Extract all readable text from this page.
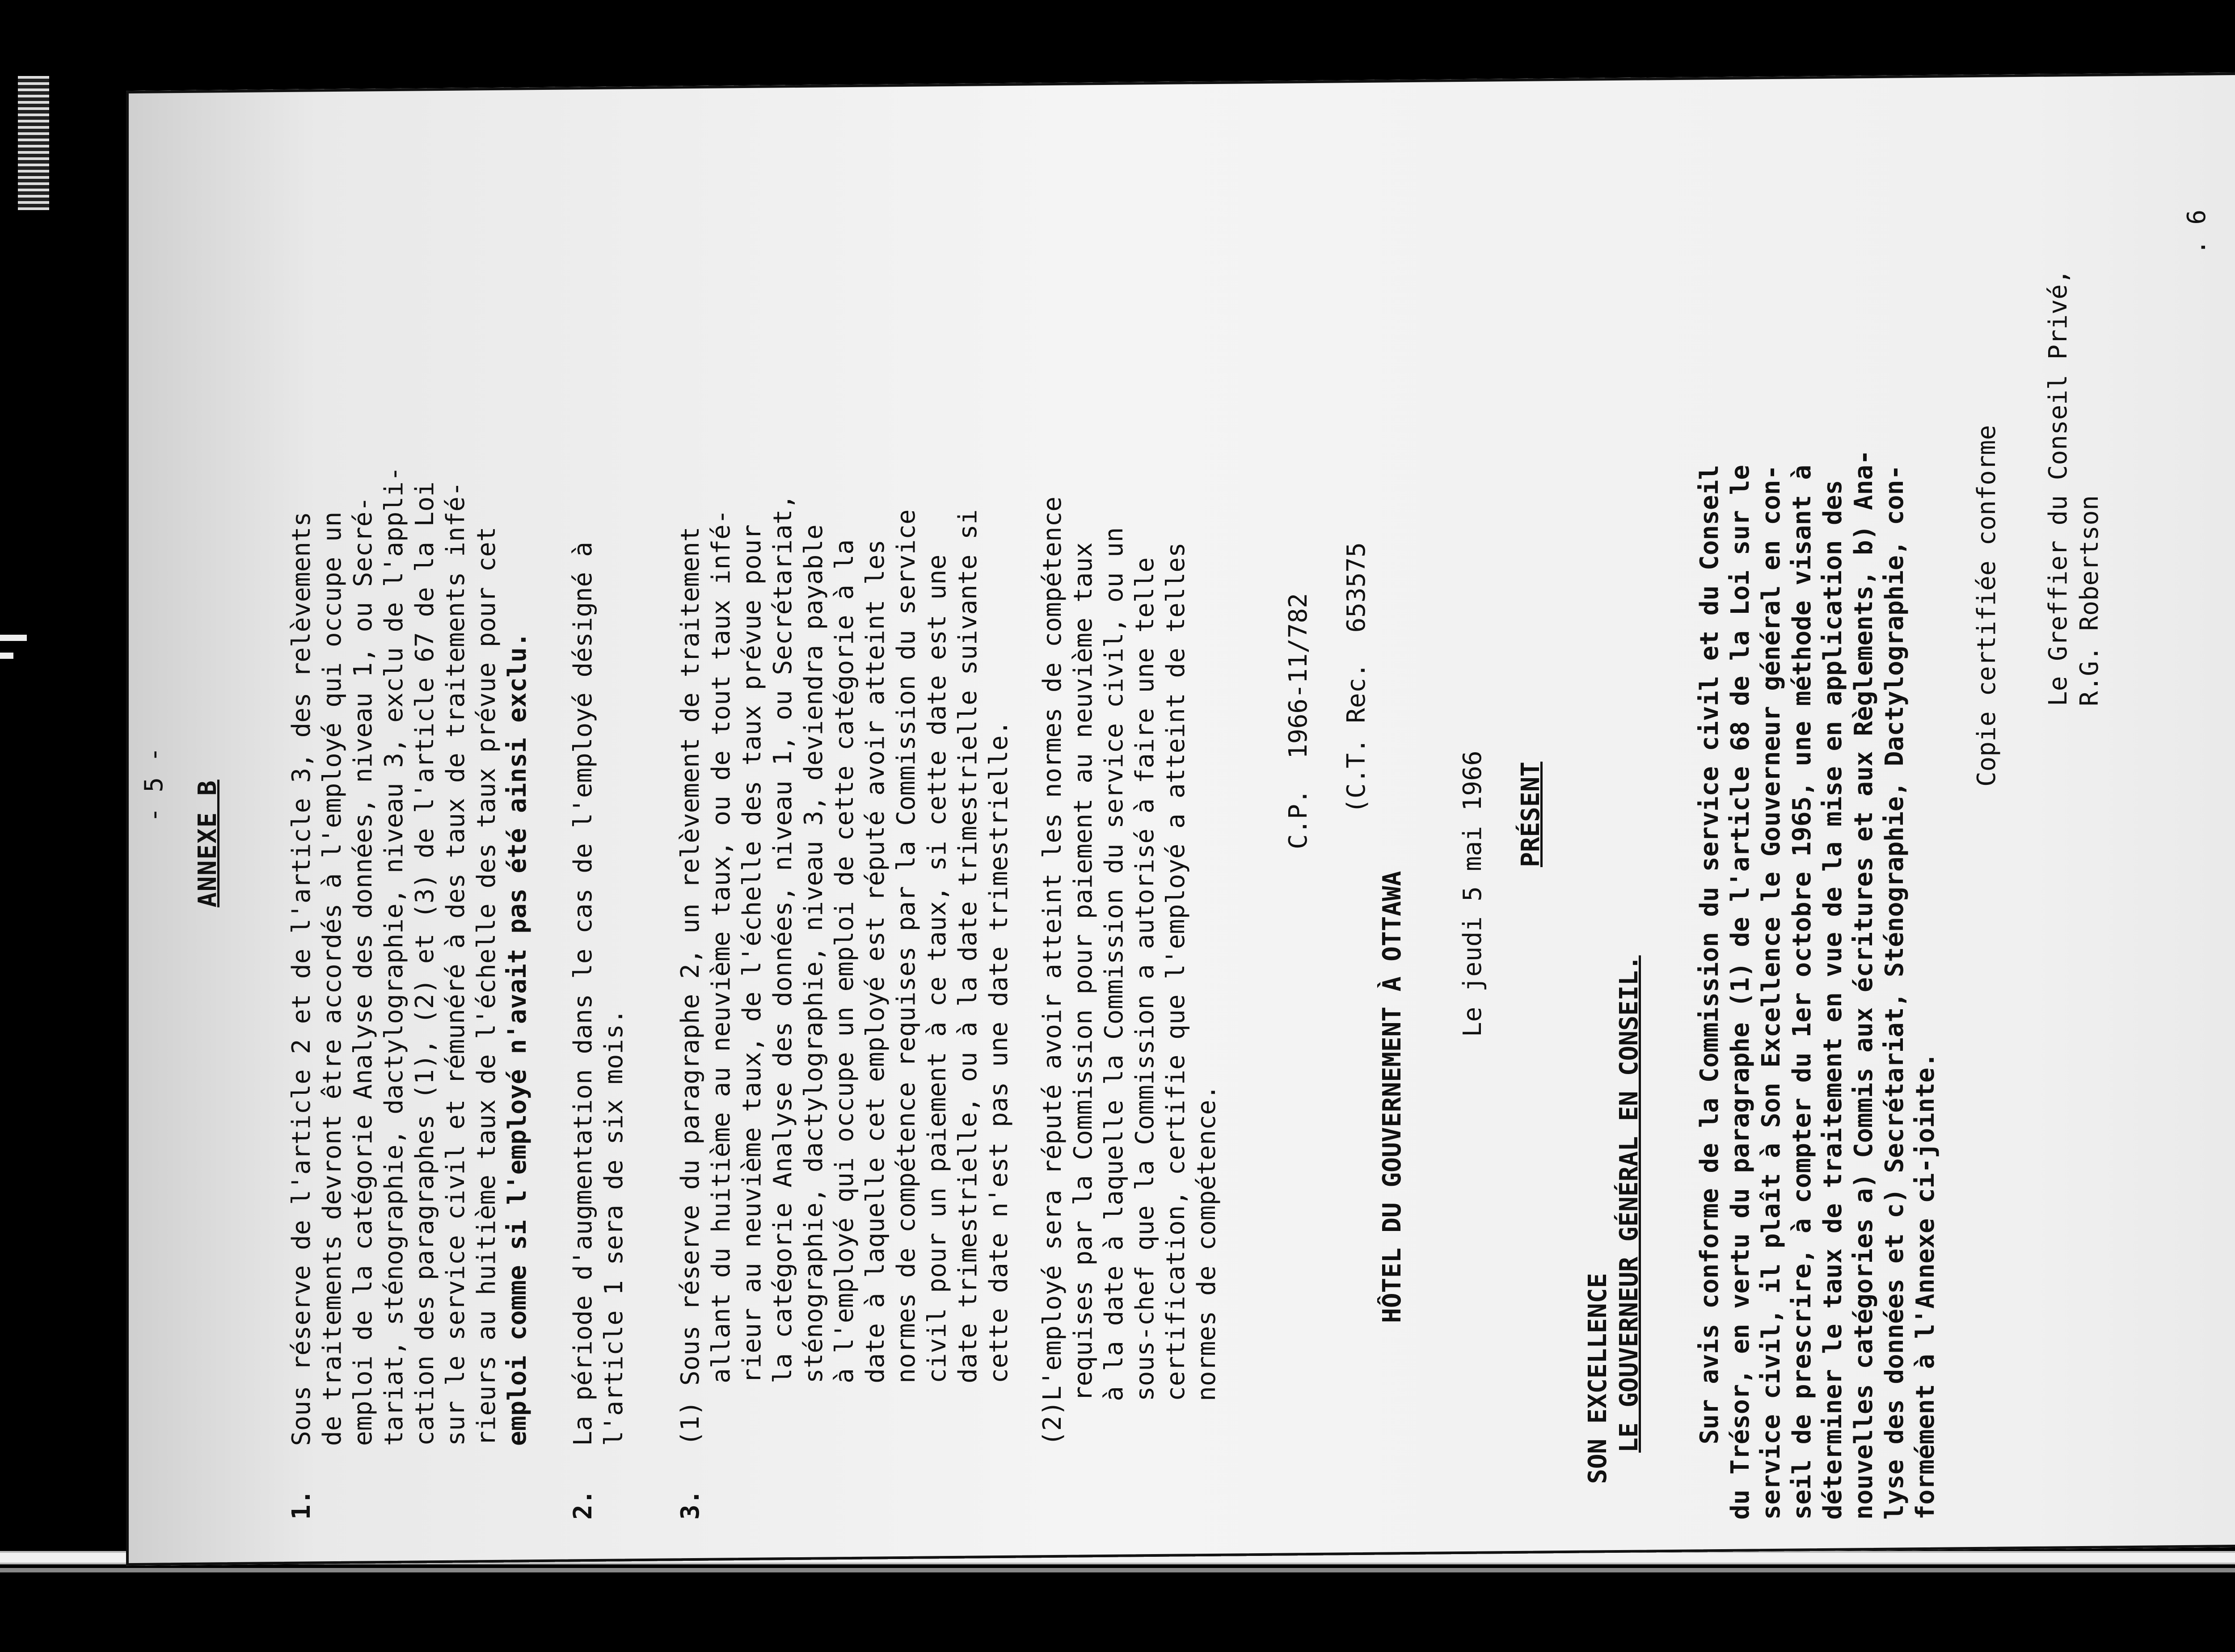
- 5 - ANNEXE B
1.
Sous réserve de l'article 2 et de l'article 3, des relèvements de traitements devront être accordés à l'employé qui occupe un emploi de la catégorie Analyse des données, niveau 1, ou Secré- tariat, sténographie, dactylographie, niveau 3, exclu de l'appli- cation des paragraphes (1), (2) et (3) de l'article 67 de la Loi sur le service civil et rémunéré à des taux de traitements infé- rieurs au huitième taux de l'échelle des taux prévue pour cet emploi comme si l'employé n'avait pas été ainsi exclu.
2.
La période d'augmentation dans le cas de l'employé désigné à l'article 1 sera de six mois.
3.
(1) Sous réserve du paragraphe 2, un relèvement de traitement allant du huitième au neuvième taux, ou de tout taux infé- rieur au neuvième taux, de l'échelle des taux prévue pour la catégorie Analyse des données, niveau 1, ou Secrétariat, sténographie, dactylographie, niveau 3, deviendra payable à l'employé qui occupe un emploi de cette catégorie à la date à laquelle cet employé est réputé avoir atteint les normes de compétence requises par la Commission du service civil pour un paiement à ce taux, si cette date est une date trimestrielle, ou à la date trimestrielle suivante si cette date n'est pas une date trimestrielle. (2)L'employé sera réputé avoir atteint les normes de compétence requises par la Commission pour paiement au neuvième taux à la date à laquelle la Commission du service civil, ou un sous-chef que la Commission a autorisé à faire une telle certification, certifie que l'employé a atteint de telles normes de compétence.
C.P.  1966-11/782 (C.T. Rec.  653575
HÔTEL DU GOUVERNEMENT À OTTAWA Le jeudi 5 mai 1966 PRÉSENT
SON EXCELLENCE LE GOUVERNEUR GÉNÉRAL EN CONSEIL. Sur avis conforme de la Commission du service civil et du Conseil du Trésor, en vertu du paragraphe (1) de l'article 68 de la Loi sur le service civil, il plaît à Son Excellence le Gouverneur général en con- seil de prescrire, à compter du 1er octobre 1965, une méthode visant à déterminer le taux de traitement en vue de la mise en application des nouvelles catégories a) Commis aux écritures et aux Règlements, b) Ana- lyse des données et c) Secrétariat, Sténographie, Dactylographie, con- formément à l'Annexe ci-jointe.
Copie certifiée conforme Le Greffier du Conseil Privé, R.G. Robertson
. 6
